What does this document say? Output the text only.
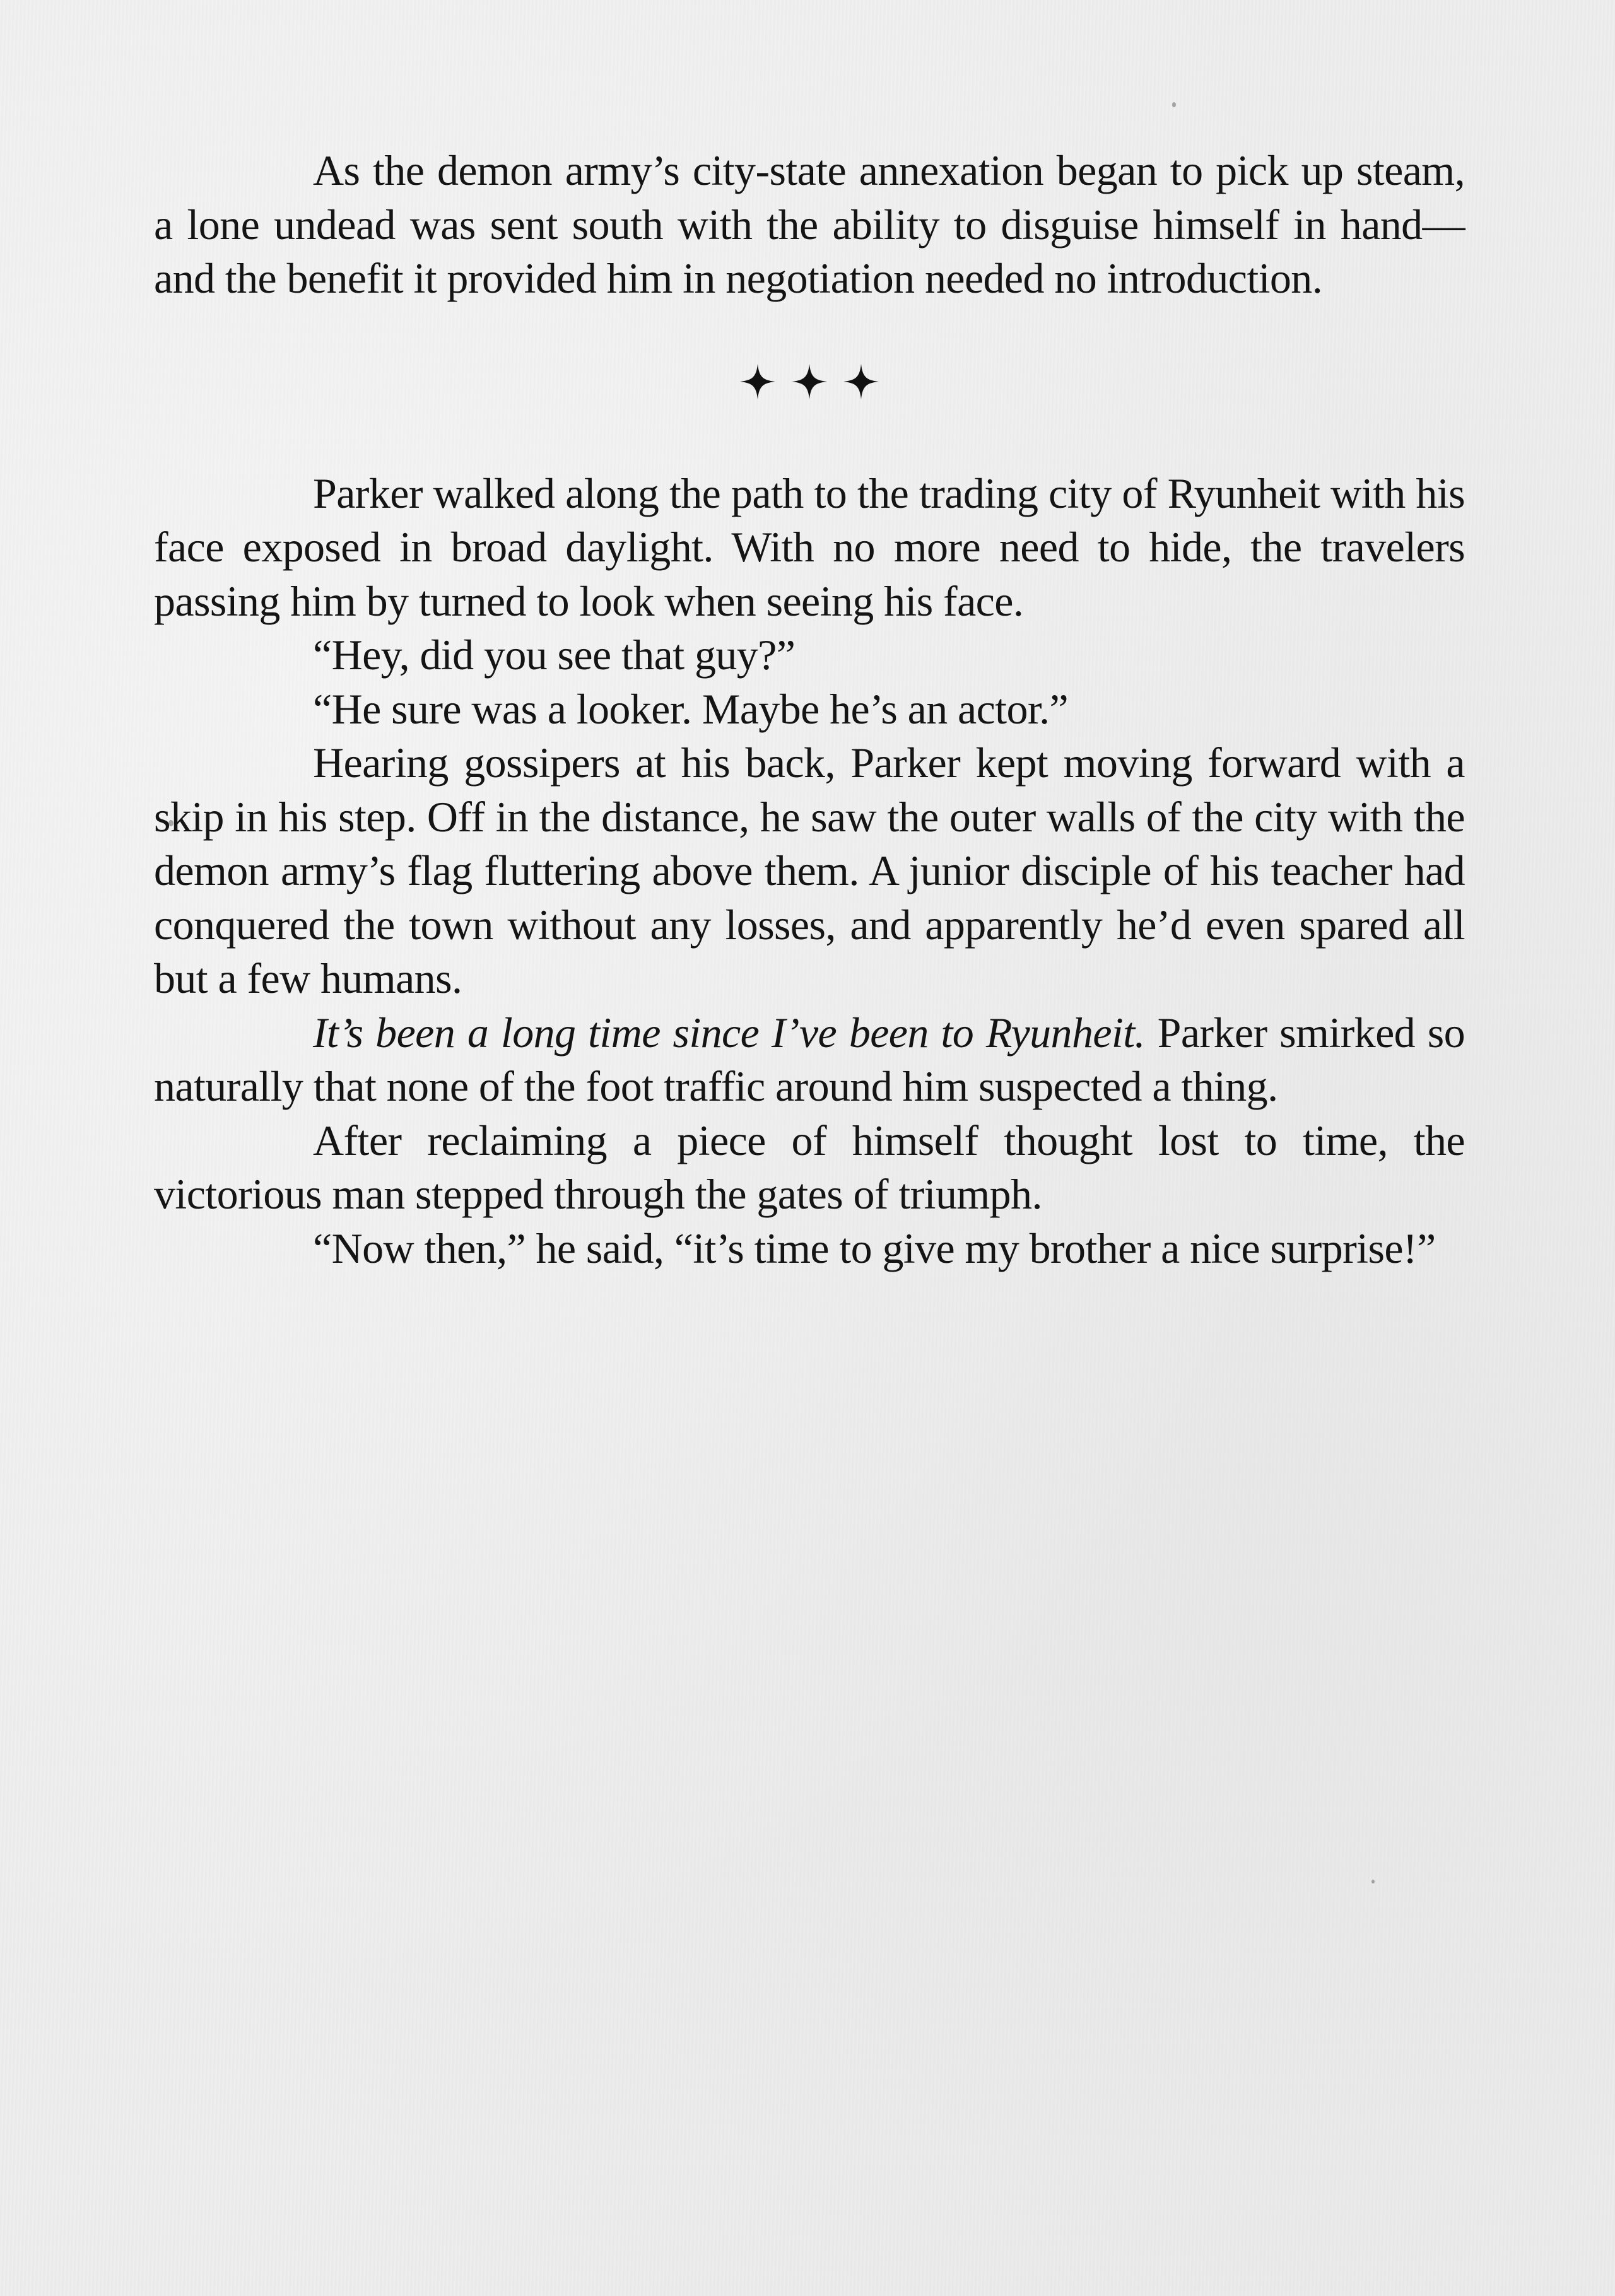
As the demon army’s city-state annexation began to pick up steam, a lone undead was sent south with the ability to disguise himself in hand—and the benefit it provided him in negotiation needed no introduction.

Parker walked along the path to the trading city of Ryunheit with his face exposed in broad daylight. With no more need to hide, the travelers passing him by turned to look when seeing his face.

“Hey, did you see that guy?”

“He sure was a looker. Maybe he’s an actor.”

Hearing gossipers at his back, Parker kept moving forward with a skip in his step. Off in the distance, he saw the outer walls of the city with the demon army’s flag fluttering above them. A junior disciple of his teacher had conquered the town without any losses, and apparently he’d even spared all but a few humans.

It’s been a long time since I’ve been to Ryunheit. Parker smirked so naturally that none of the foot traffic around him suspected a thing.

After reclaiming a piece of himself thought lost to time, the victorious man stepped through the gates of triumph.

“Now then,” he said, “it’s time to give my brother a nice surprise!”
